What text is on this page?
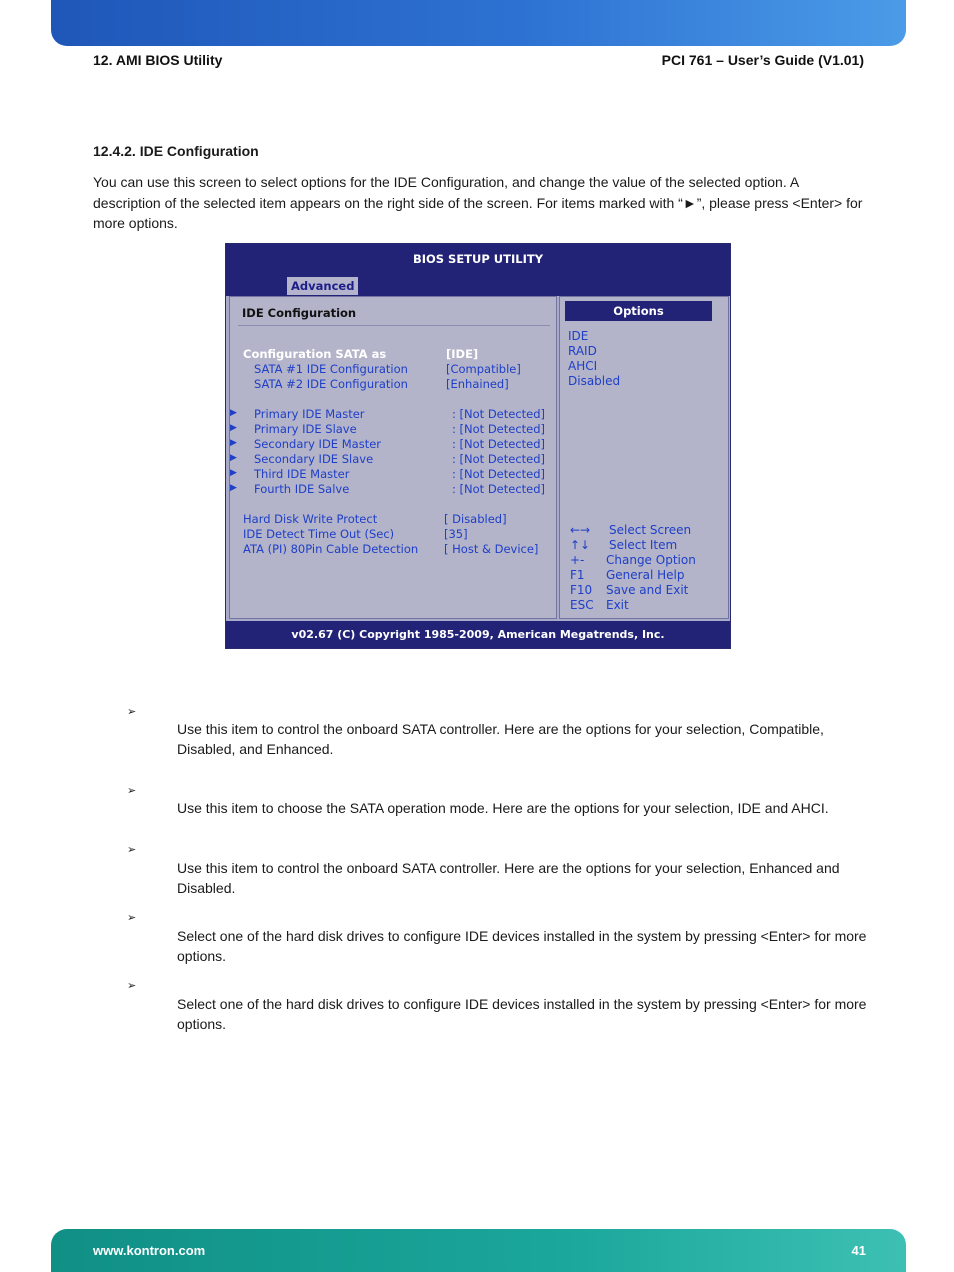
12. AMI BIOS Utility	PCI 761 – User’s Guide (V1.01)
12.4.2. IDE Configuration
You can use this screen to select options for the IDE Configuration, and change the value of the selected option. A description of the selected item appears on the right side of the screen. For items marked with “►”, please press <Enter> for more options.
BIOS SETUP UTILITY
Advanced
IDE Configuration
Configuration SATA as	[IDE]
SATA #1 IDE Configuration	[Compatible]
SATA #2 IDE Configuration	[Enhained]
▶ Primary IDE Master	: [Not Detected]
▶ Primary IDE Slave	: [Not Detected]
▶ Secondary IDE Master	: [Not Detected]
▶ Secondary IDE Slave	: [Not Detected]
▶ Third IDE Master	: [Not Detected]
▶ Fourth IDE Salve	: [Not Detected]
Hard Disk Write Protect	[ Disabled]
IDE Detect Time Out (Sec)	[35]
ATA (PI) 80Pin Cable Detection [ Host & Device]
Options
IDE
RAID
AHCI
Disabled
←→ Select Screen
↑↓ Select Item
+- Change Option
F1 General Help
F10 Save and Exit
ESC Exit
v02.67 (C) Copyright 1985-2009, American Megatrends, Inc.
➢
Use this item to control the onboard SATA controller. Here are the options for your selection, Compatible, Disabled, and Enhanced.
➢
Use this item to choose the SATA operation mode. Here are the options for your selection, IDE and AHCI.
➢
Use this item to control the onboard SATA controller. Here are the options for your selection, Enhanced and Disabled.
➢
Select one of the hard disk drives to configure IDE devices installed in the system by pressing <Enter> for more options.
➢
Select one of the hard disk drives to configure IDE devices installed in the system by pressing <Enter> for more options.
www.kontron.com	41
